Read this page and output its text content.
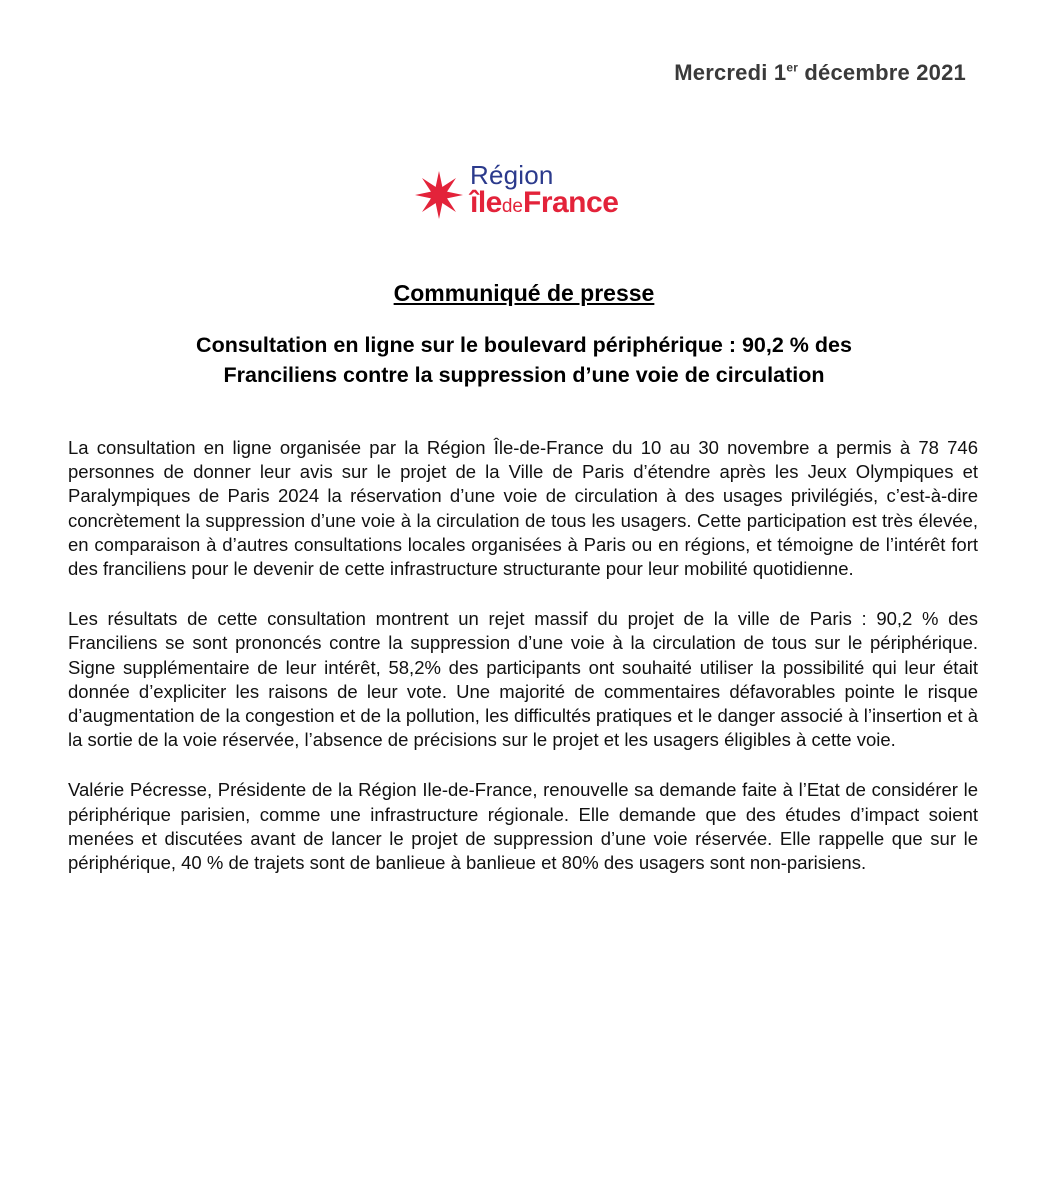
Mercredi 1er décembre 2021
Région
îledeFrance
Communiqué de presse
Consultation en ligne sur le boulevard périphérique : 90,2 % des
Franciliens contre la suppression d’une voie de circulation

La consultation en ligne organisée par la Région Île-de-France du 10 au 30 novembre a permis à 78 746 personnes de donner leur avis sur le projet de la Ville de Paris d’étendre après les Jeux Olympiques et Paralympiques de Paris 2024 la réservation d’une voie de circulation à des usages privilégiés, c’est-à-dire concrètement la suppression d’une voie à la circulation de tous les usagers. Cette participation est très élevée, en comparaison à d’autres consultations locales organisées à Paris ou en régions, et témoigne de l’intérêt fort des franciliens pour le devenir de cette infrastructure structurante pour leur mobilité quotidienne.

Les résultats de cette consultation montrent un rejet massif du projet de la ville de Paris : 90,2 % des Franciliens se sont prononcés contre la suppression d’une voie à la circulation de tous sur le périphérique. Signe supplémentaire de leur intérêt, 58,2% des participants ont souhaité utiliser la possibilité qui leur était donnée d’expliciter les raisons de leur vote. Une majorité de commentaires défavorables pointe le risque d’augmentation de la congestion et de la pollution, les difficultés pratiques et le danger associé à l’insertion et à la sortie de la voie réservée, l’absence de précisions sur le projet et les usagers éligibles à cette voie.

Valérie Pécresse, Présidente de la Région Ile-de-France, renouvelle sa demande faite à l’Etat de considérer le périphérique parisien, comme une infrastructure régionale. Elle demande que des études d’impact soient menées et discutées avant de lancer le projet de suppression d’une voie réservée. Elle rappelle que sur le périphérique, 40 % de trajets sont de banlieue à banlieue et 80% des usagers sont non-parisiens.
